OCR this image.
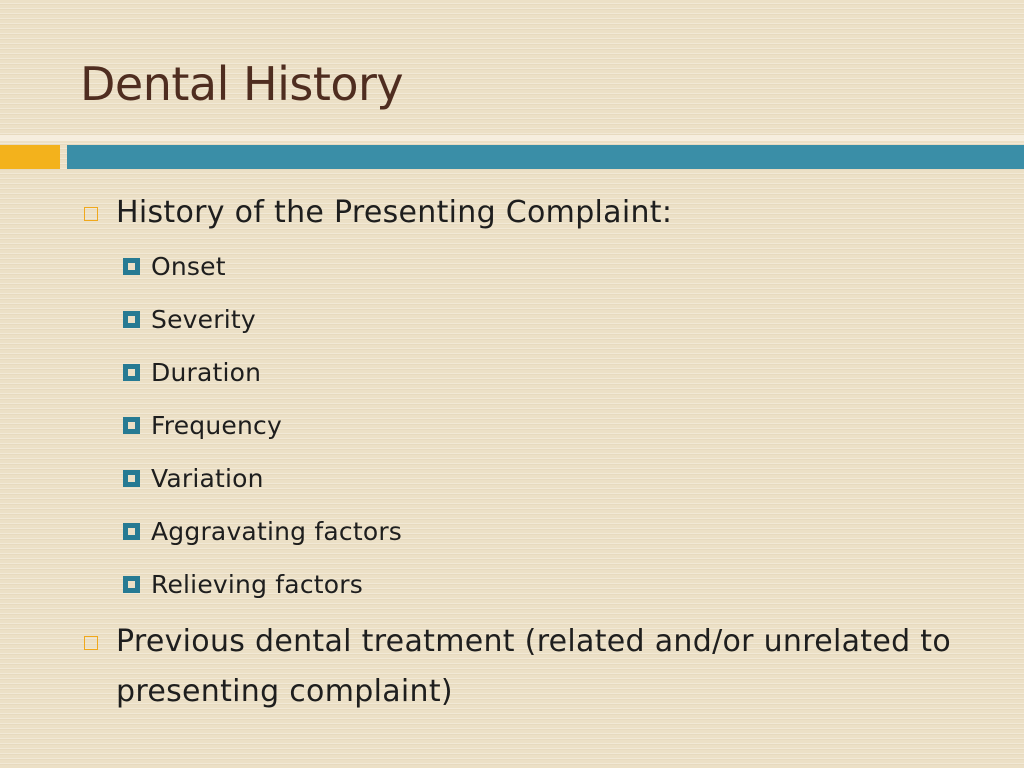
Dental History
History of the Presenting Complaint:
Onset
Severity
Duration
Frequency
Variation
Aggravating factors
Relieving factors
Previous dental treatment (related and/or unrelated to presenting complaint)
